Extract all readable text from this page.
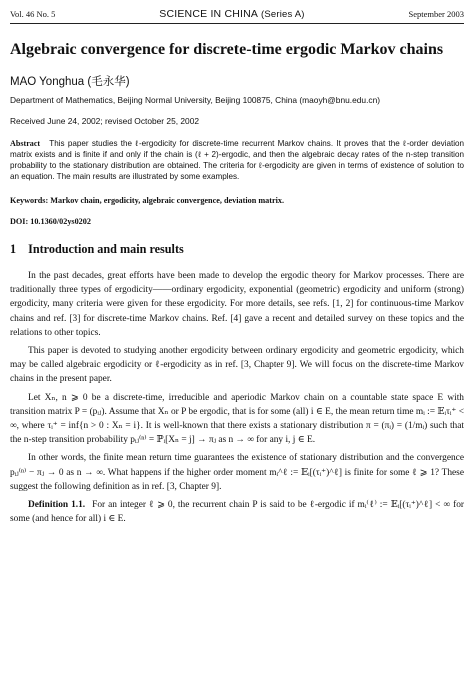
Vol. 46 No. 5	SCIENCE IN CHINA (Series A)	September 2003
Algebraic convergence for discrete-time ergodic Markov chains
MAO Yonghua (毛永华)
Department of Mathematics, Beijing Normal University, Beijing 100875, China (maoyh@bnu.edu.cn)
Received June 24, 2002; revised October 25, 2002
Abstract This paper studies the ℓ-ergodicity for discrete-time recurrent Markov chains. It proves that the ℓ-order deviation matrix exists and is finite if and only if the chain is (ℓ + 2)-ergodic, and then the algebraic decay rates of the n-step transition probability to the stationary distribution are obtained. The criteria for ℓ-ergodicity are given in terms of existence of solution to an equation. The main results are illustrated by some examples.
Keywords: Markov chain, ergodicity, algebraic convergence, deviation matrix.
DOI: 10.1360/02ys0202
1 Introduction and main results

In the past decades, great efforts have been made to develop the ergodic theory for Markov processes. There are traditionally three types of ergodicity——ordinary ergodicity, exponential (geometric) ergodicity and uniform (strong) ergodicity, many criteria were given for these ergodicity. For more details, see refs. [1, 2] for continuous-time Markov chains and ref. [3] for discrete-time Markov chains. Ref. [4] gave a recent and detailed survey on these topics and the relations to other topics.

This paper is devoted to studying another ergodicity between ordinary ergodicity and geometric ergodicity, which may be called algebraic ergodicity or ℓ-ergodicity as in ref. [3, Chapter 9]. We will focus on the discrete-time Markov chains in the present paper.

Let Xₙ, n ⩾ 0 be a discrete-time, irreducible and aperiodic Markov chain on a countable state space E with transition matrix P = (pᵢⱼ). Assume that Xₙ or P be ergodic, that is for some (all) i ∈ E, the mean return time mᵢ := 𝔼ᵢτᵢ⁺ < ∞, where τᵢ⁺ = inf{n > 0 : Xₙ = i}. It is well-known that there exists a stationary distribution π = (πᵢ) = (1/mᵢ) such that the n-step transition probability pᵢⱼ⁽ⁿ⁾ = ℙᵢ[Xₙ = j] → πⱼ as n → ∞ for any i, j ∈ E.

In other words, the finite mean return time guarantees the existence of stationary distribution and the convergence pᵢⱼ⁽ⁿ⁾ − πⱼ → 0 as n → ∞. What happens if the higher order moment mᵢ^ℓ := 𝔼ᵢ[(τᵢ⁺)^ℓ] is finite for some ℓ ⩾ 1? These suggest the following definition as in ref. [3, Chapter 9].

Definition 1.1. For an integer ℓ ⩾ 0, the recurrent chain P is said to be ℓ-ergodic if mᵢ⁽ℓ⁾ := 𝔼ᵢ[(τᵢ⁺)^ℓ] < ∞ for some (and hence for all) i ∈ E.
